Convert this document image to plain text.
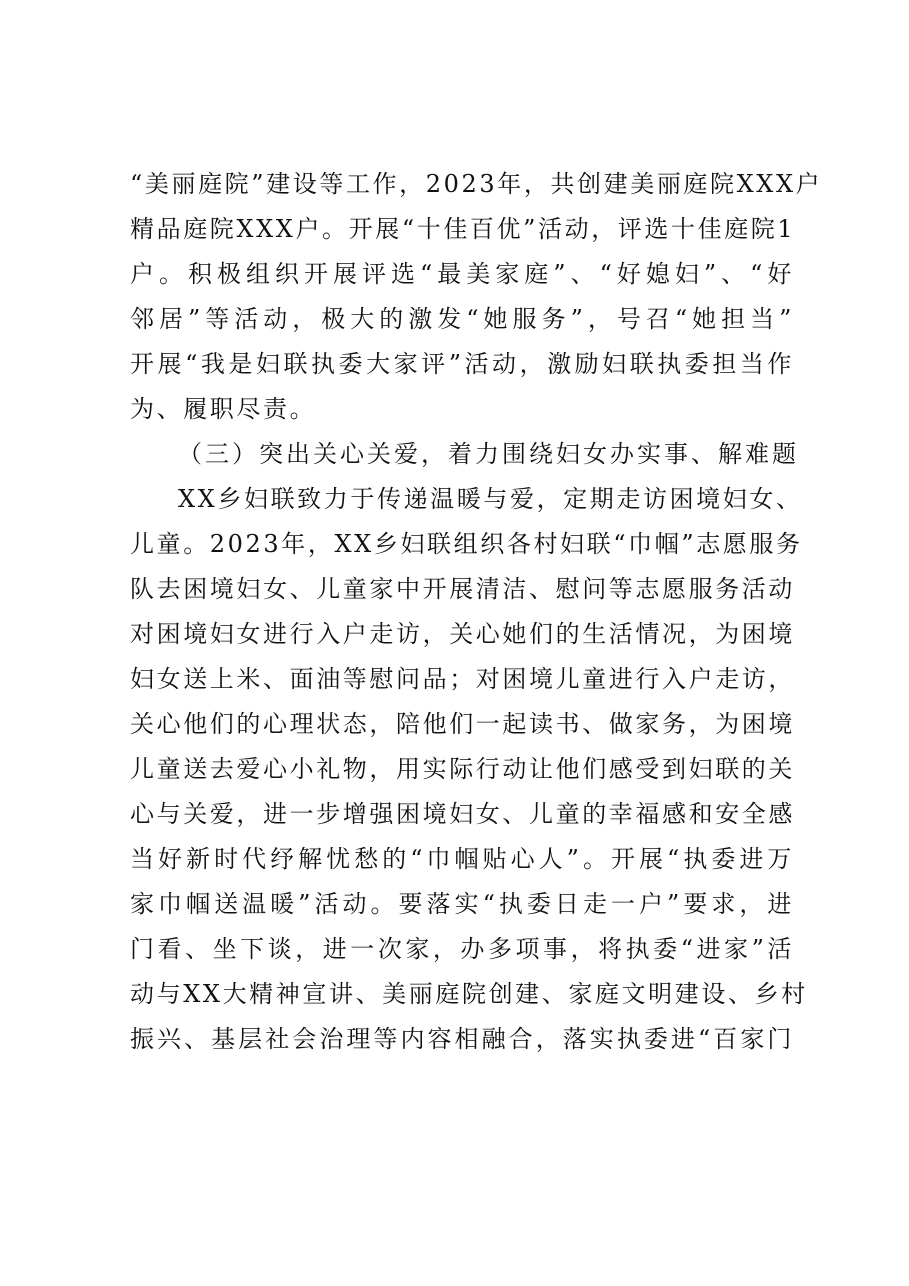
“美丽庭院”建设等工作，2023年，共创建美丽庭院XXX户
精品庭院XXX户。开展“十佳百优”活动，评选十佳庭院1
户。积极组织开展评选“最美家庭”、“好媳妇”、“好
邻居”等活动，极大的激发“她服务”，号召“她担当”
开展“我是妇联执委大家评”活动，激励妇联执委担当作
为、履职尽责。
（三）突出关心关爱，着力围绕妇女办实事、解难题
XX乡妇联致力于传递温暖与爱，定期走访困境妇女、
儿童。2023年，XX乡妇联组织各村妇联“巾帼”志愿服务
队去困境妇女、儿童家中开展清洁、慰问等志愿服务活动
对困境妇女进行入户走访，关心她们的生活情况，为困境
妇女送上米、面油等慰问品；对困境儿童进行入户走访，
关心他们的心理状态，陪他们一起读书、做家务，为困境
儿童送去爱心小礼物，用实际行动让他们感受到妇联的关
心与关爱，进一步增强困境妇女、儿童的幸福感和安全感
当好新时代纾解忧愁的“巾帼贴心人”。开展“执委进万
家巾帼送温暖”活动。要落实“执委日走一户”要求，进
门看、坐下谈，进一次家，办多项事，将执委“进家”活
动与XX大精神宣讲、美丽庭院创建、家庭文明建设、乡村
振兴、基层社会治理等内容相融合，落实执委进“百家门
